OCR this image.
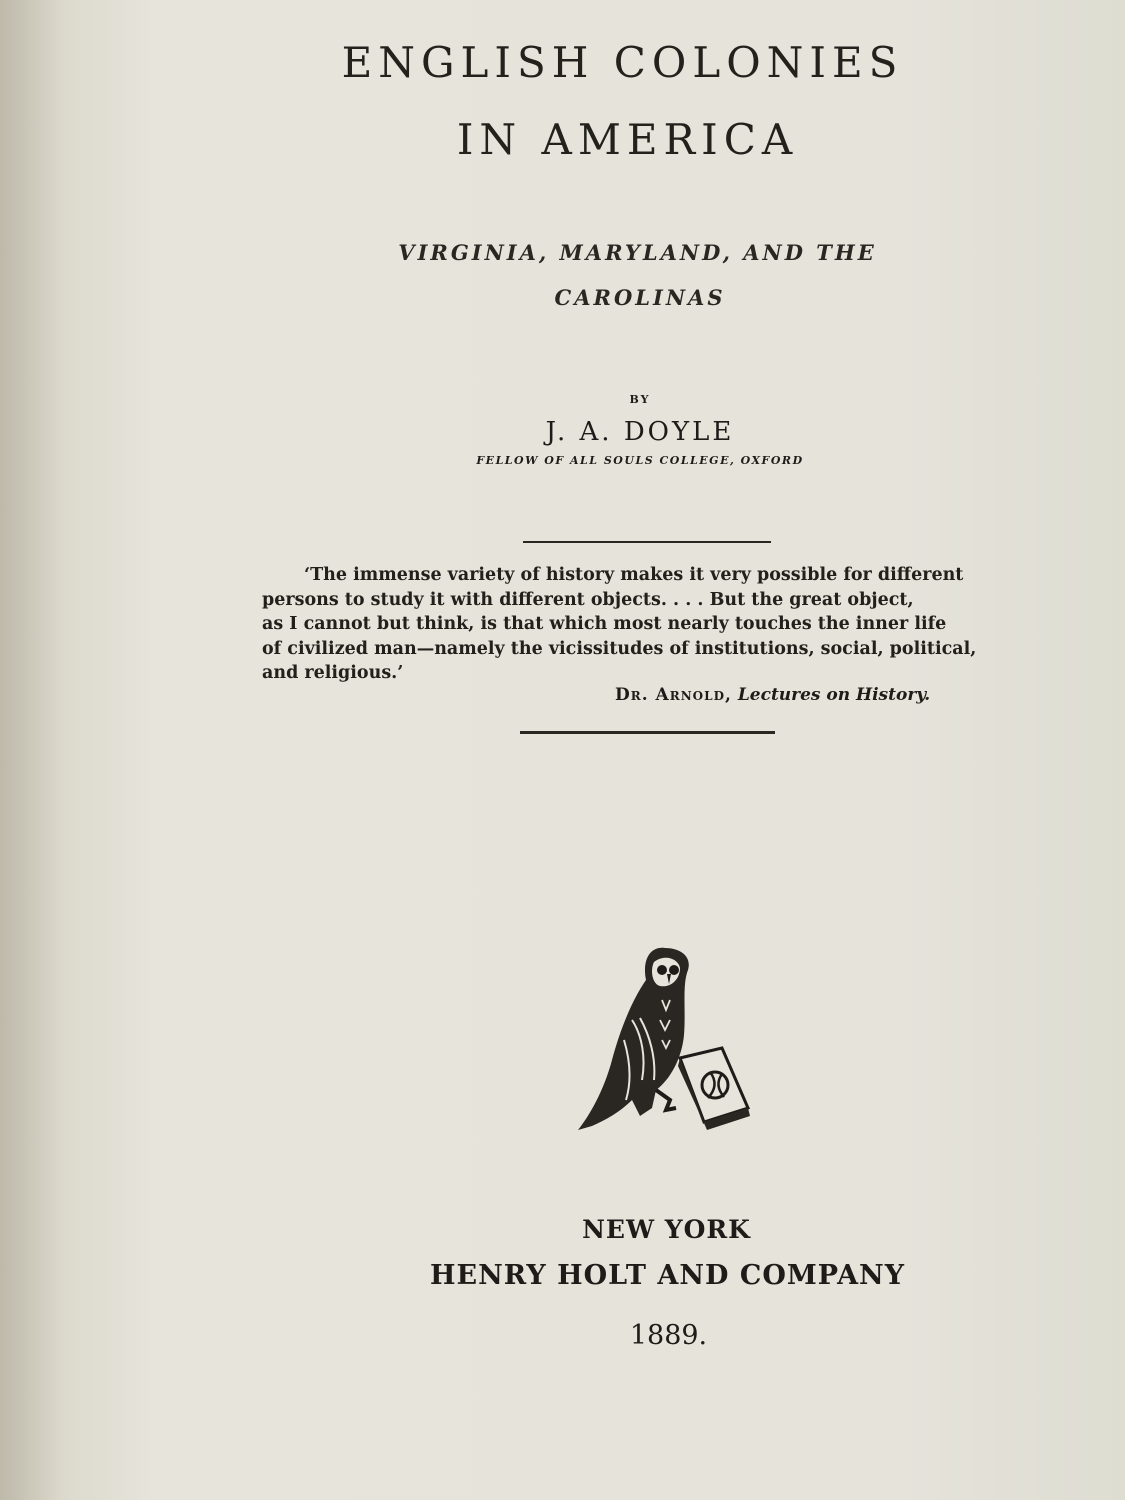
ENGLISH COLONIES
IN AMERICA
VIRGINIA, MARYLAND, AND THE
CAROLINAS
BY
J. A. DOYLE
FELLOW OF ALL SOULS COLLEGE, OXFORD
‘The immense variety of history makes it very possible for different
persons to study it with different objects. . . . But the great object,
as I cannot but think, is that which most nearly touches the inner life
of civilized man—namely the vicissitudes of institutions, social, political,
and religious.’
Dr. Arnold, Lectures on History.
NEW YORK
HENRY HOLT AND COMPANY
1889.
